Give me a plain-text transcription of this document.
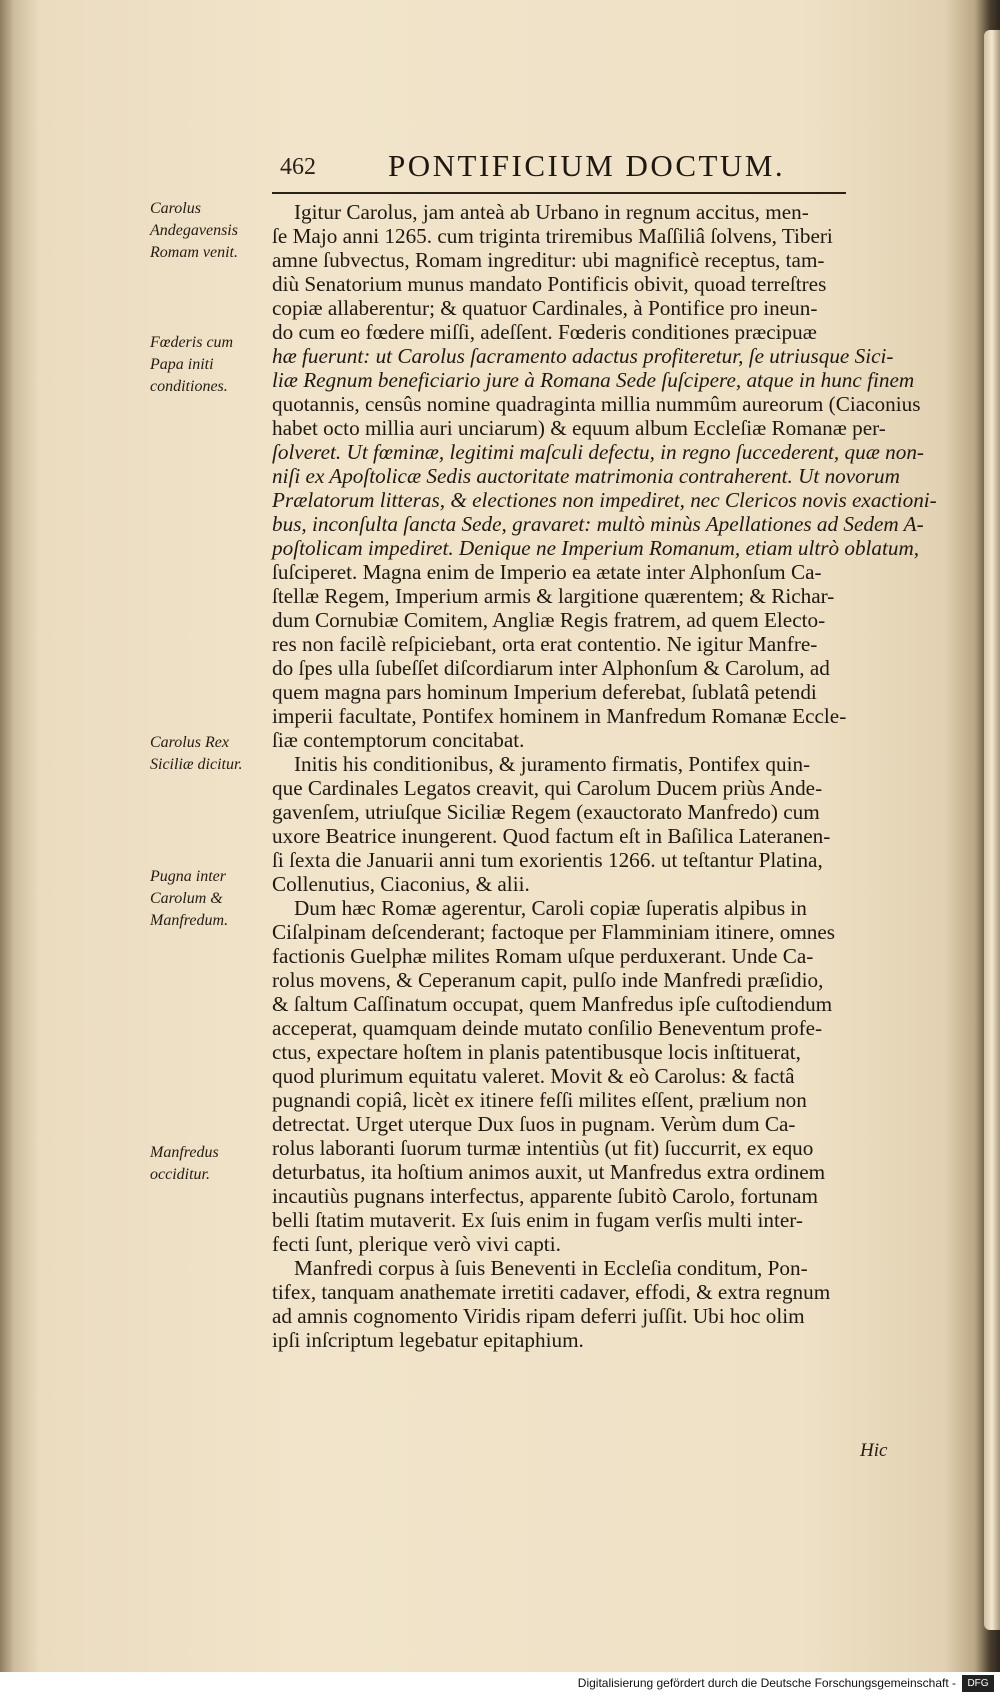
462 PONTIFICIUM DOCTUM.
Carolus Andegavensis Romam venit.
Fœderis cum Papa initi conditiones.
Carolus Rex Siciliæ dicitur.
Pugna inter Carolum & Manfredum.
Manfredus occiditur.
Igitur Carolus, jam anteà ab Urbano in regnum accitus, men-
ſe Majo anni 1265. cum triginta triremibus Maſſiliâ ſolvens, Tiberi
amne ſubvectus, Romam ingreditur: ubi magnificè receptus, tam-
diù Senatorium munus mandato Pontificis obivit, quoad terreſtres
copiæ allaberentur; & quatuor Cardinales, à Pontifice pro ineun-
do cum eo fœdere miſſi, adeſſent. Fœderis conditiones præcipuæ
hæ fuerunt: ut Carolus ſacramento adactus profiteretur, ſe utriusque Sici-
liæ Regnum beneficiario jure à Romana Sede ſuſcipere, atque in hunc finem
quotannis, censûs nomine quadraginta millia nummûm aureorum (Ciaconius
habet octo millia auri unciarum) & equum album Eccleſiæ Romanæ per-
ſolveret. Ut fœminæ, legitimi maſculi defectu, in regno ſuccederent, quæ non-
niſi ex Apoſtolicæ Sedis auctoritate matrimonia contraherent. Ut novorum
Prælatorum litteras, & electiones non impediret, nec Clericos novis exactioni-
bus, inconſulta ſancta Sede, gravaret: multò minùs Apellationes ad Sedem A-
poſtolicam impediret. Denique ne Imperium Romanum, etiam ultrò oblatum,
ſuſciperet. Magna enim de Imperio ea ætate inter Alphonſum Ca-
ſtellæ Regem, Imperium armis & largitione quærentem; & Richar-
dum Cornubiæ Comitem, Angliæ Regis fratrem, ad quem Electo-
res non facilè reſpiciebant, orta erat contentio. Ne igitur Manfre-
do ſpes ulla ſubeſſet diſcordiarum inter Alphonſum & Carolum, ad
quem magna pars hominum Imperium deferebat, ſublatâ petendi
imperii facultate, Pontifex hominem in Manfredum Romanæ Eccle-
ſiæ contemptorum concitabat.
Initis his conditionibus, & juramento firmatis, Pontifex quin-
que Cardinales Legatos creavit, qui Carolum Ducem priùs Ande-
gavenſem, utriuſque Siciliæ Regem (exauctorato Manfredo) cum
uxore Beatrice inungerent. Quod factum eſt in Baſilica Lateranen-
ſi ſexta die Januarii anni tum exorientis 1266. ut teſtantur Platina,
Collenutius, Ciaconius, & alii.
Dum hæc Romæ agerentur, Caroli copiæ ſuperatis alpibus in
Ciſalpinam deſcenderant; factoque per Flamminiam itinere, omnes
factionis Guelphæ milites Romam uſque perduxerant. Unde Ca-
rolus movens, & Ceperanum capit, pulſo inde Manfredi præſidio,
& ſaltum Caſſinatum occupat, quem Manfredus ipſe cuſtodiendum
acceperat, quamquam deinde mutato conſilio Beneventum profe-
ctus, expectare hoſtem in planis patentibusque locis inſtituerat,
quod plurimum equitatu valeret. Movit & eò Carolus: & factâ
pugnandi copiâ, licèt ex itinere feſſi milites eſſent, prælium non
detrectat. Urget uterque Dux ſuos in pugnam. Verùm dum Ca-
rolus laboranti ſuorum turmæ intentiùs (ut fit) ſuccurrit, ex equo
deturbatus, ita hoſtium animos auxit, ut Manfredus extra ordinem
incautiùs pugnans interfectus, apparente ſubitò Carolo, fortunam
belli ſtatim mutaverit. Ex ſuis enim in fugam verſis multi inter-
fecti ſunt, plerique verò vivi capti.
Manfredi corpus à ſuis Beneventi in Eccleſia conditum, Pon-
tifex, tanquam anathemate irretiti cadaver, effodi, & extra regnum
ad amnis cognomento Viridis ripam deferri juſſit. Ubi hoc olim
ipſi inſcriptum legebatur epitaphium.
Hic
Digitalisierung gefördert durch die Deutsche Forschungsgemeinschaft -	DFG
